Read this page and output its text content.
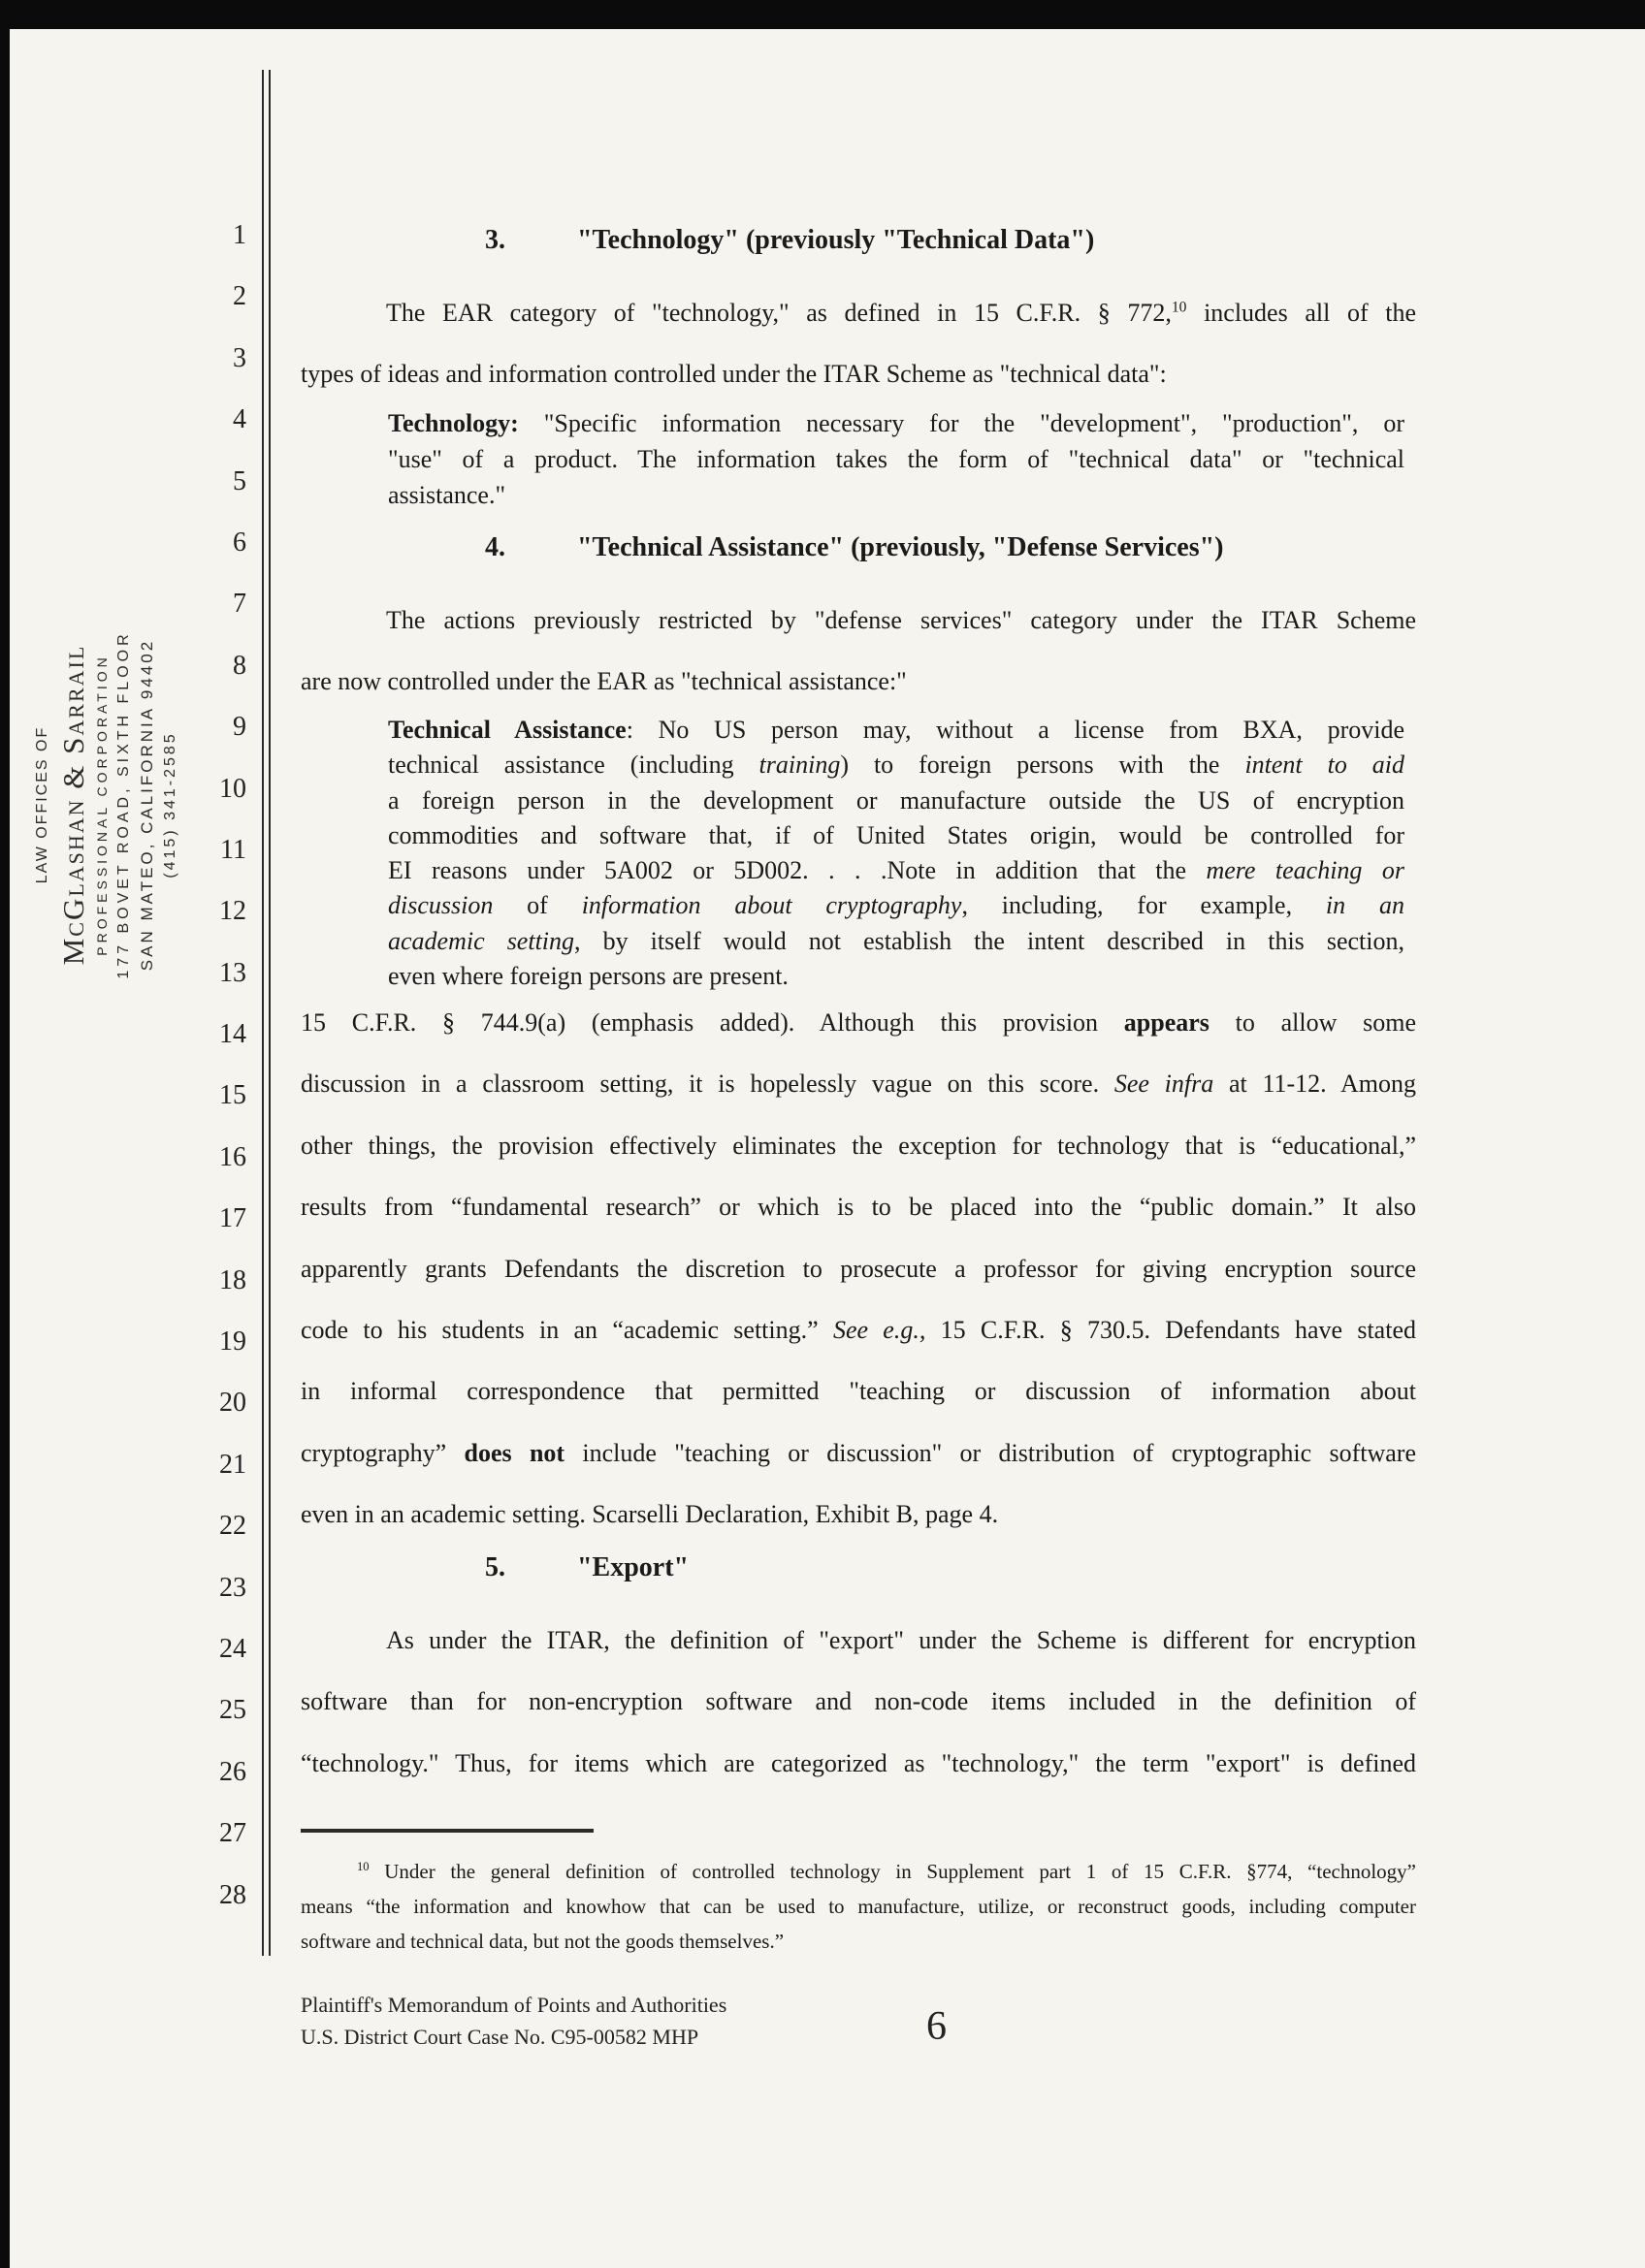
LAW OFFICES OF McGlashan & Sarrail PROFESSIONAL CORPORATION 177 BOVET ROAD, SIXTH FLOOR SAN MATEO, CALIFORNIA 94402 (415) 341-2585
1
2
3
4
5
6
7
8
9
10
11
12
13
14
15
16
17
18
19
20
21
22
23
24
25
26
27
28
3.	"Technology" (previously "Technical Data")
The EAR category of "technology," as defined in 15 C.F.R. § 772,10 includes all of the
types of ideas and information controlled under the ITAR Scheme as "technical data":
Technology: "Specific information necessary for the "development", "production", or
"use" of a product. The information takes the form of "technical data" or "technical
assistance."
4.	"Technical Assistance" (previously, "Defense Services")
The actions previously restricted by "defense services" category under the ITAR Scheme
are now controlled under the EAR as "technical assistance:"
Technical Assistance: No US person may, without a license from BXA, provide
technical assistance (including training) to foreign persons with the intent to aid
a foreign person in the development or manufacture outside the US of encryption
commodities and software that, if of United States origin, would be controlled for
EI reasons under 5A002 or 5D002. . . .Note in addition that the mere teaching or
discussion of information about cryptography, including, for example, in an
academic setting, by itself would not establish the intent described in this section,
even where foreign persons are present.
15 C.F.R. § 744.9(a) (emphasis added). Although this provision appears to allow some
discussion in a classroom setting, it is hopelessly vague on this score. See infra at 11-12. Among
other things, the provision effectively eliminates the exception for technology that is “educational,”
results from “fundamental research” or which is to be placed into the “public domain.” It also
apparently grants Defendants the discretion to prosecute a professor for giving encryption source
code to his students in an “academic setting.” See e.g., 15 C.F.R. § 730.5. Defendants have stated
in informal correspondence that permitted "teaching or discussion of information about
cryptography” does not include "teaching or discussion" or distribution of cryptographic software
even in an academic setting. Scarselli Declaration, Exhibit B, page 4.
5.	"Export"
As under the ITAR, the definition of "export" under the Scheme is different for encryption
software than for non-encryption software and non-code items included in the definition of
“technology." Thus, for items which are categorized as "technology," the term "export" is defined
$^{10}$ Under the general definition of controlled technology in Supplement part 1 of 15 C.F.R. §774, “technology”
means “the information and knowhow that can be used to manufacture, utilize, or reconstruct goods, including computer
software and technical data, but not the goods themselves.”
Plaintiff's Memorandum of Points and Authorities
U.S. District Court Case No. C95-00582 MHP	6
